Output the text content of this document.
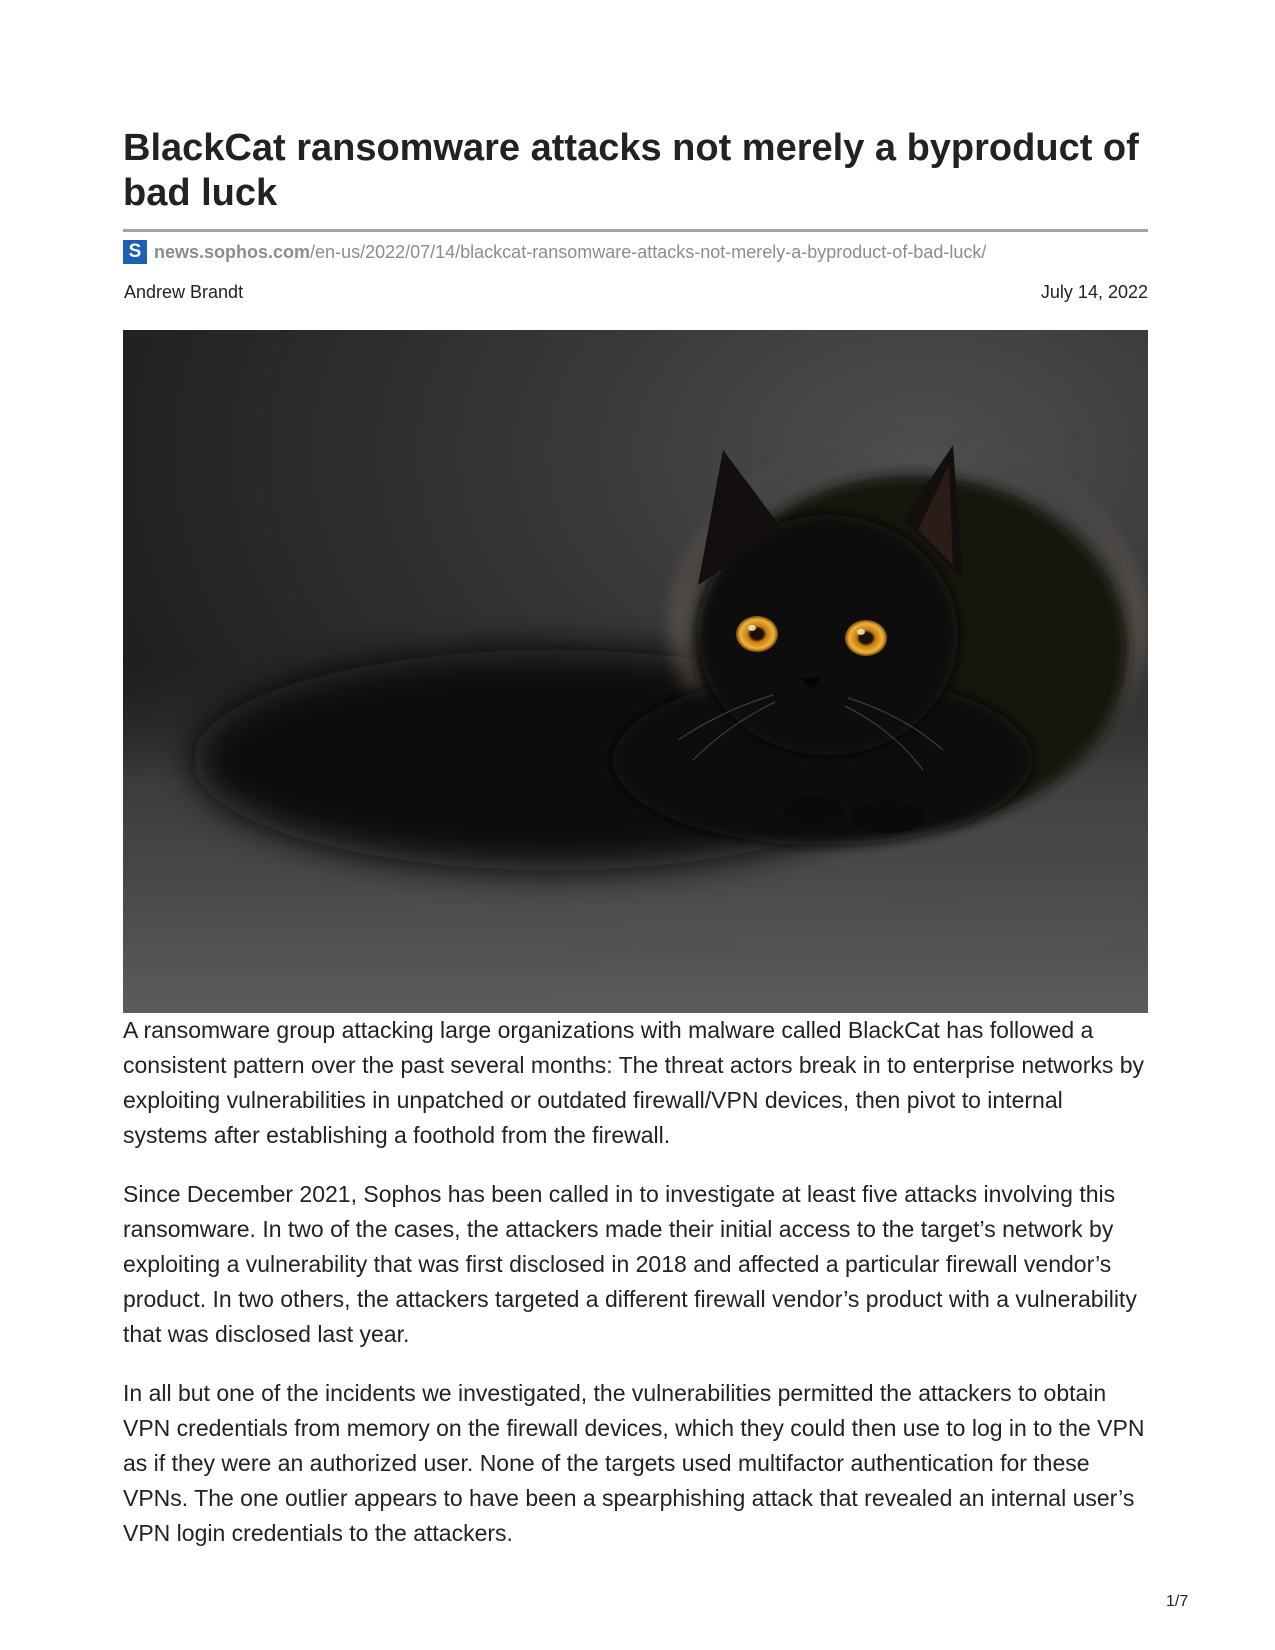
BlackCat ransomware attacks not merely a byproduct of bad luck
S news.sophos.com/en-us/2022/07/14/blackcat-ransomware-attacks-not-merely-a-byproduct-of-bad-luck/
Andrew Brandt	July 14, 2022

A ransomware group attacking large organizations with malware called BlackCat has followed a consistent pattern over the past several months: The threat actors break in to enterprise networks by exploiting vulnerabilities in unpatched or outdated firewall/VPN devices, then pivot to internal systems after establishing a foothold from the firewall.

Since December 2021, Sophos has been called in to investigate at least five attacks involving this ransomware. In two of the cases, the attackers made their initial access to the target’s network by exploiting a vulnerability that was first disclosed in 2018 and affected a particular firewall vendor’s product. In two others, the attackers targeted a different firewall vendor’s product with a vulnerability that was disclosed last year.

In all but one of the incidents we investigated, the vulnerabilities permitted the attackers to obtain VPN credentials from memory on the firewall devices, which they could then use to log in to the VPN as if they were an authorized user. None of the targets used multifactor authentication for these VPNs. The one outlier appears to have been a spearphishing attack that revealed an internal user’s VPN login credentials to the attackers.

1/7
